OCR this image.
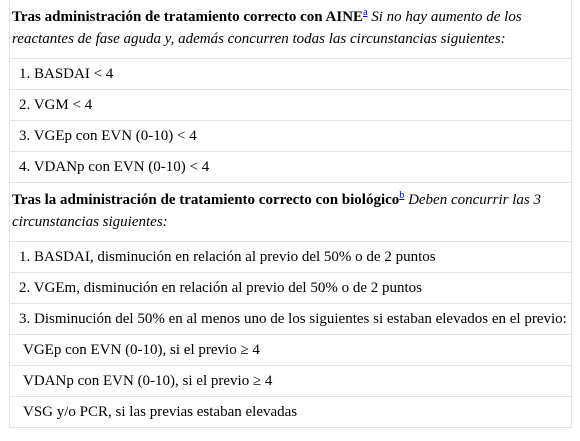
Tras administración de tratamiento correcto con AINE$^a$ Si no hay aumento de los reactantes de fase aguda y, además concurren todas las circunstancias siguientes:
1. BASDAI < 4
2. VGM < 4
3. VGEp con EVN (0-10) < 4
4. VDANp con EVN (0-10) < 4
Tras la administración de tratamiento correcto con biológico$^b$ Deben concurrir las 3 circunstancias siguientes:
1. BASDAI, disminución en relación al previo del 50% o de 2 puntos
2. VGEm, disminución en relación al previo del 50% o de 2 puntos
3. Disminución del 50% en al menos uno de los siguientes si estaban elevados en el previo:
VGEp con EVN (0-10), si el previo ≥ 4
VDANp con EVN (0-10), si el previo ≥ 4
VSG y/o PCR, si las previas estaban elevadas
